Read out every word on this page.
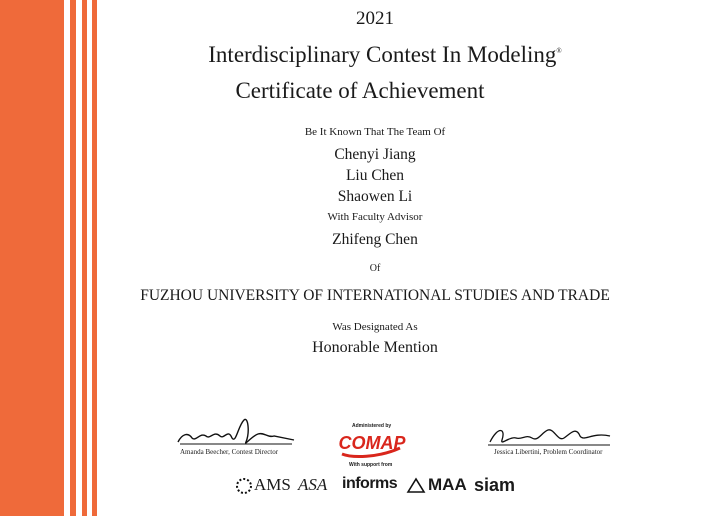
2021
Interdisciplinary Contest In Modeling®
Certificate of Achievement
Be It Known That The Team Of
Chenyi Jiang
Liu Chen
Shaowen Li
With Faculty Advisor
Zhifeng Chen
Of
FUZHOU UNIVERSITY OF INTERNATIONAL STUDIES AND TRADE
Was Designated As
Honorable Mention
Amanda Beecher, Contest Director
Administered by
COMAP
With support from
Jessica Libertini, Problem Coordinator
AMS ASA informs MAA siam
